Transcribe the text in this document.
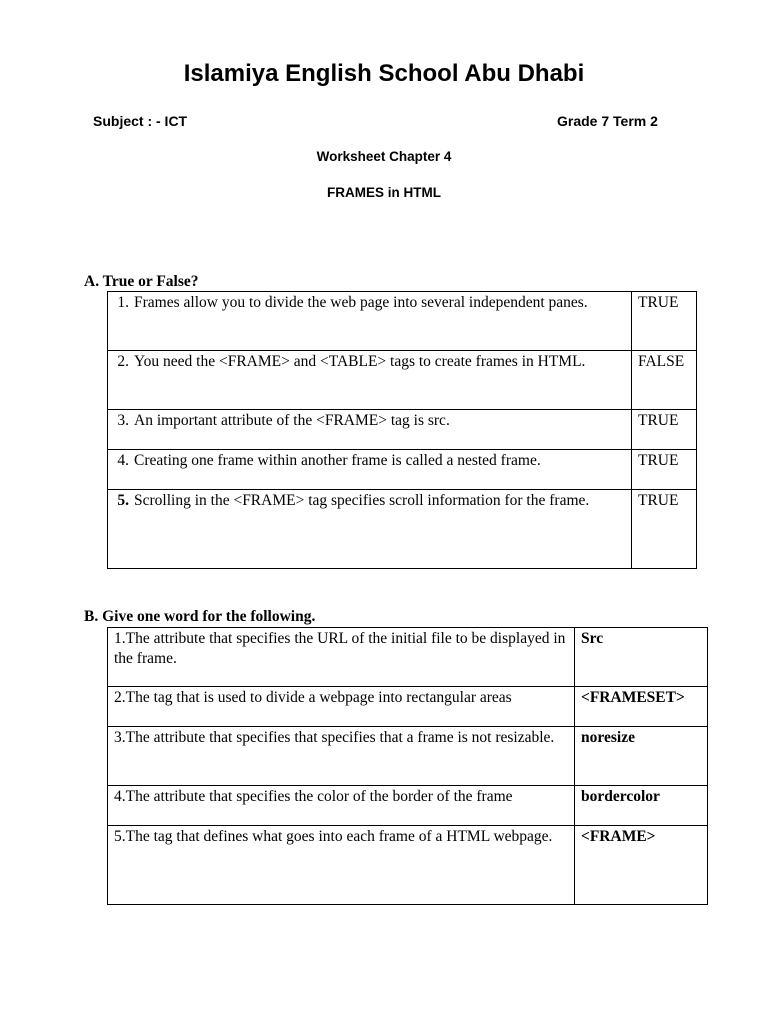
Islamiya English School Abu Dhabi
Subject : - ICT	Grade 7 Term 2
Worksheet Chapter 4
FRAMES in HTML
A. True or False?
1. Frames allow you to divide the web page into several independent panes.	TRUE

2. You need the <FRAME> and <TABLE> tags to create frames in HTML.	FALSE

3. An important attribute of the <FRAME> tag is src.	TRUE

4. Creating one frame within another frame is called a nested frame.	TRUE

5. Scrolling in the <FRAME> tag specifies scroll information for the frame.	TRUE
B. Give one word for the following.
1.The attribute that specifies the URL of the initial file to be displayed in the frame.	Src

2.The tag that is used to divide a webpage into rectangular areas	<FRAMESET>
3.The attribute that specifies that specifies that a frame is not resizable.	noresize

4.The attribute that specifies the color of the border of the frame	bordercolor
5.The tag that defines what goes into each frame of a HTML webpage.	<FRAME>
